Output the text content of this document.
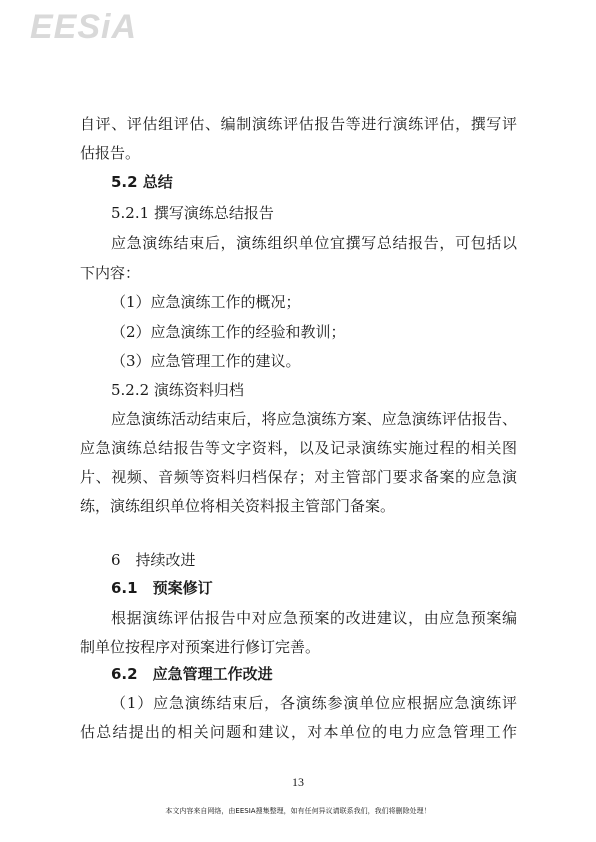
EESiA
自评、评估组评估、编制演练评估报告等进行演练评估，撰写评
估报告。
5.2 总结
5.2.1 撰写演练总结报告
应急演练结束后，演练组织单位宜撰写总结报告，可包括以
下内容：
（1）应急演练工作的概况；
（2）应急演练工作的经验和教训；
（3）应急管理工作的建议。
5.2.2 演练资料归档
应急演练活动结束后，将应急演练方案、应急演练评估报告、
应急演练总结报告等文字资料，以及记录演练实施过程的相关图
片、视频、音频等资料归档保存；对主管部门要求备案的应急演
练，演练组织单位将相关资料报主管部门备案。
6　持续改进
6.1　预案修订
根据演练评估报告中对应急预案的改进建议，由应急预案编
制单位按程序对预案进行修订完善。
6.2　应急管理工作改进
（1）应急演练结束后，各演练参演单位应根据应急演练评
估总结提出的相关问题和建议，对本单位的电力应急管理工作
13
本文内容来自网络，由EESIA搜集整理，如有任何异议请联系我们，我们将删除处理！
